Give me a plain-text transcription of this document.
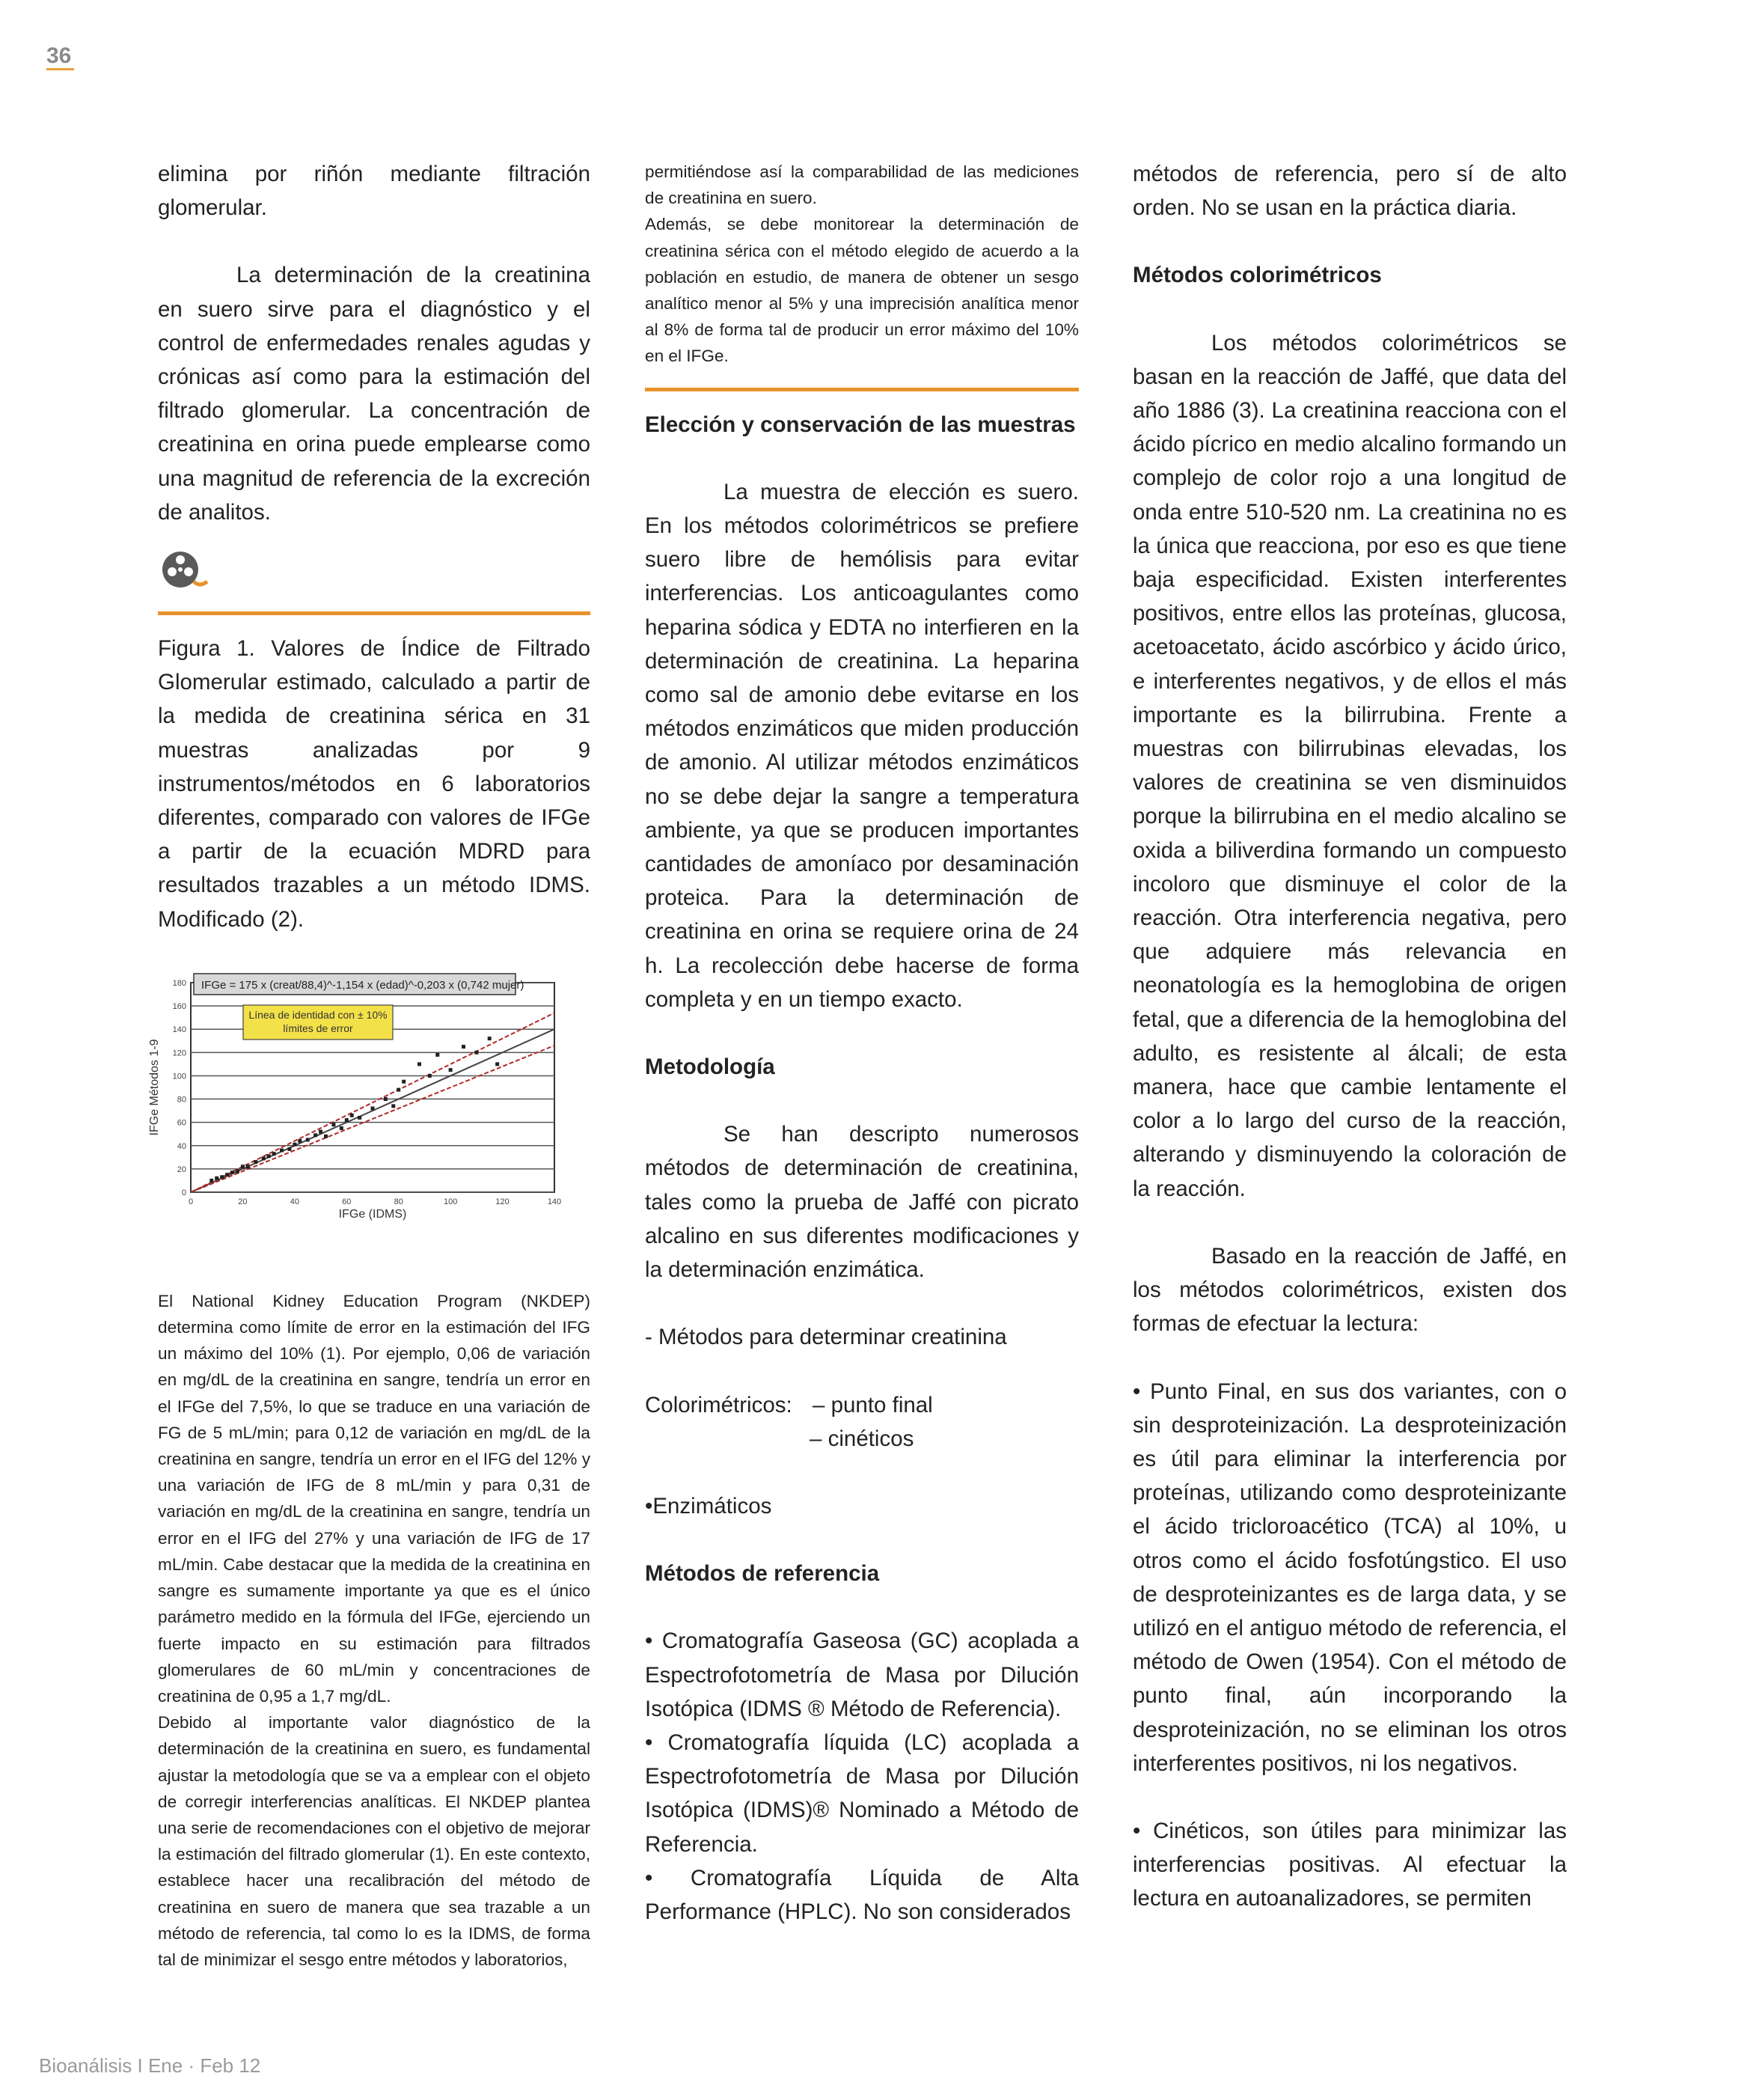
36

elimina por riñón mediante filtración glomerular.

La determinación de la creatinina en suero sirve para el diagnóstico y el control de enfermedades renales agudas y crónicas así como para la estimación del filtrado glomerular. La concentración de creatinina en orina puede emplearse como una magnitud de referencia de la excreción de analitos.

Figura 1. Valores de Índice de Filtrado Glomerular estimado, calculado a partir de la medida de creatinina sérica en 31 muestras analizadas por 9 instrumentos/métodos en 6 laboratorios diferentes, comparado con valores de IFGe a partir de la ecuación MDRD para resultados trazables a un método IDMS. Modificado (2).

0
20
40
60
80
100
120
140
160
180
0	20	40	60	80	100	120	140
IFGe = 175 x (creat/88,4)^-1,154 x (edad)^-0,203 x (0,742 mujer)
Línea de identidad con ± 10% límites de error
IFGe (IDMS)
IFGe Métodos 1-9

El National Kidney Education Program (NKDEP) determina como límite de error en la estimación del IFG un máximo del 10% (1). Por ejemplo, 0,06 de variación en mg/dL de la creatinina en sangre, tendría un error en el IFGe del 7,5%, lo que se traduce en una variación de FG de 5 mL/min; para 0,12 de variación en mg/dL de la creatinina en sangre, tendría un error en el IFG del 12% y una variación de IFG de 8 mL/min y para 0,31 de variación en mg/dL de la creatinina en sangre, tendría un error en el IFG del 27% y una variación de IFG de 17 mL/min. Cabe destacar que la medida de la creatinina en sangre es sumamente importante ya que es el único parámetro medido en la fórmula del IFGe, ejerciendo un fuerte impacto en su estimación para filtrados glomerulares de 60 mL/min y concentraciones de creatinina de 0,95 a 1,7 mg/dL.

Debido al importante valor diagnóstico de la determinación de la creatinina en suero, es fundamental ajustar la metodología que se va a emplear con el objeto de corregir interferencias analíticas. El NKDEP plantea una serie de recomendaciones con el objetivo de mejorar la estimación del filtrado glomerular (1). En este contexto, establece hacer una recalibración del método de creatinina en suero de manera que sea trazable a un método de referencia, tal como lo es la IDMS, de forma tal de minimizar el sesgo entre métodos y laboratorios,

permitiéndose así la comparabilidad de las mediciones de creatinina en suero.

Además, se debe monitorear la determinación de creatinina sérica con el método elegido de acuerdo a la población en estudio, de manera de obtener un sesgo analítico menor al 5% y una imprecisión analítica menor al 8% de forma tal de producir un error máximo del 10% en el IFGe.

Elección y conservación de las muestras

La muestra de elección es suero. En los métodos colorimétricos se prefiere suero libre de hemólisis para evitar interferencias. Los anticoagulantes como heparina sódica y EDTA no interfieren en la determinación de creatinina. La heparina como sal de amonio debe evitarse en los métodos enzimáticos que miden producción de amonio. Al utilizar métodos enzimáticos no se debe dejar la sangre a temperatura ambiente, ya que se producen importantes cantidades de amoníaco por desaminación proteica. Para la determinación de creatinina en orina se requiere orina de 24 h. La recolección debe hacerse de forma completa y en un tiempo exacto.

Metodología

Se han descripto numerosos métodos de determinación de creatinina, tales como la prueba de Jaffé con picrato alcalino en sus diferentes modificaciones y la determinación enzimática.

- Métodos para determinar creatinina

Colorimétricos: – punto final
– cinéticos

•Enzimáticos

Métodos de referencia

• Cromatografía Gaseosa (GC) acoplada a Espectrofotometría de Masa por Dilución Isotópica (IDMS ® Método de Referencia).

• Cromatografía líquida (LC) acoplada a Espectrofotometría de Masa por Dilución Isotópica (IDMS)® Nominado a Método de Referencia.

• Cromatografía Líquida de Alta Performance (HPLC). No son considerados

métodos de referencia, pero sí de alto orden. No se usan en la práctica diaria.

Métodos colorimétricos

Los métodos colorimétricos se basan en la reacción de Jaffé, que data del año 1886 (3). La creatinina reacciona con el ácido pícrico en medio alcalino formando un complejo de color rojo a una longitud de onda entre 510-520 nm. La creatinina no es la única que reacciona, por eso es que tiene baja especificidad. Existen interferentes positivos, entre ellos las proteínas, glucosa, acetoacetato, ácido ascórbico y ácido úrico, e interferentes negativos, y de ellos el más importante es la bilirrubina. Frente a muestras con bilirrubinas elevadas, los valores de creatinina se ven disminuidos porque la bilirrubina en el medio alcalino se oxida a biliverdina formando un compuesto incoloro que disminuye el color de la reacción. Otra interferencia negativa, pero que adquiere más relevancia en neonatología es la hemoglobina de origen fetal, que a diferencia de la hemoglobina del adulto, es resistente al álcali; de esta manera, hace que cambie lentamente el color a lo largo del curso de la reacción, alterando y disminuyendo la coloración de la reacción.

Basado en la reacción de Jaffé, en los métodos colorimétricos, existen dos formas de efectuar la lectura:

• Punto Final, en sus dos variantes, con o sin desproteinización. La desproteinización es útil para eliminar la interferencia por proteínas, utilizando como desproteinizante el ácido tricloroacético (TCA) al 10%, u otros como el ácido fosfotúngstico. El uso de desproteinizantes es de larga data, y se utilizó en el antiguo método de referencia, el método de Owen (1954). Con el método de punto final, aún incorporando la desproteinización, no se eliminan los otros interferentes positivos, ni los negativos.

• Cinéticos, son útiles para minimizar las interferencias positivas. Al efectuar la lectura en autoanalizadores, se permiten

Bioanálisis I Ene · Feb 12
